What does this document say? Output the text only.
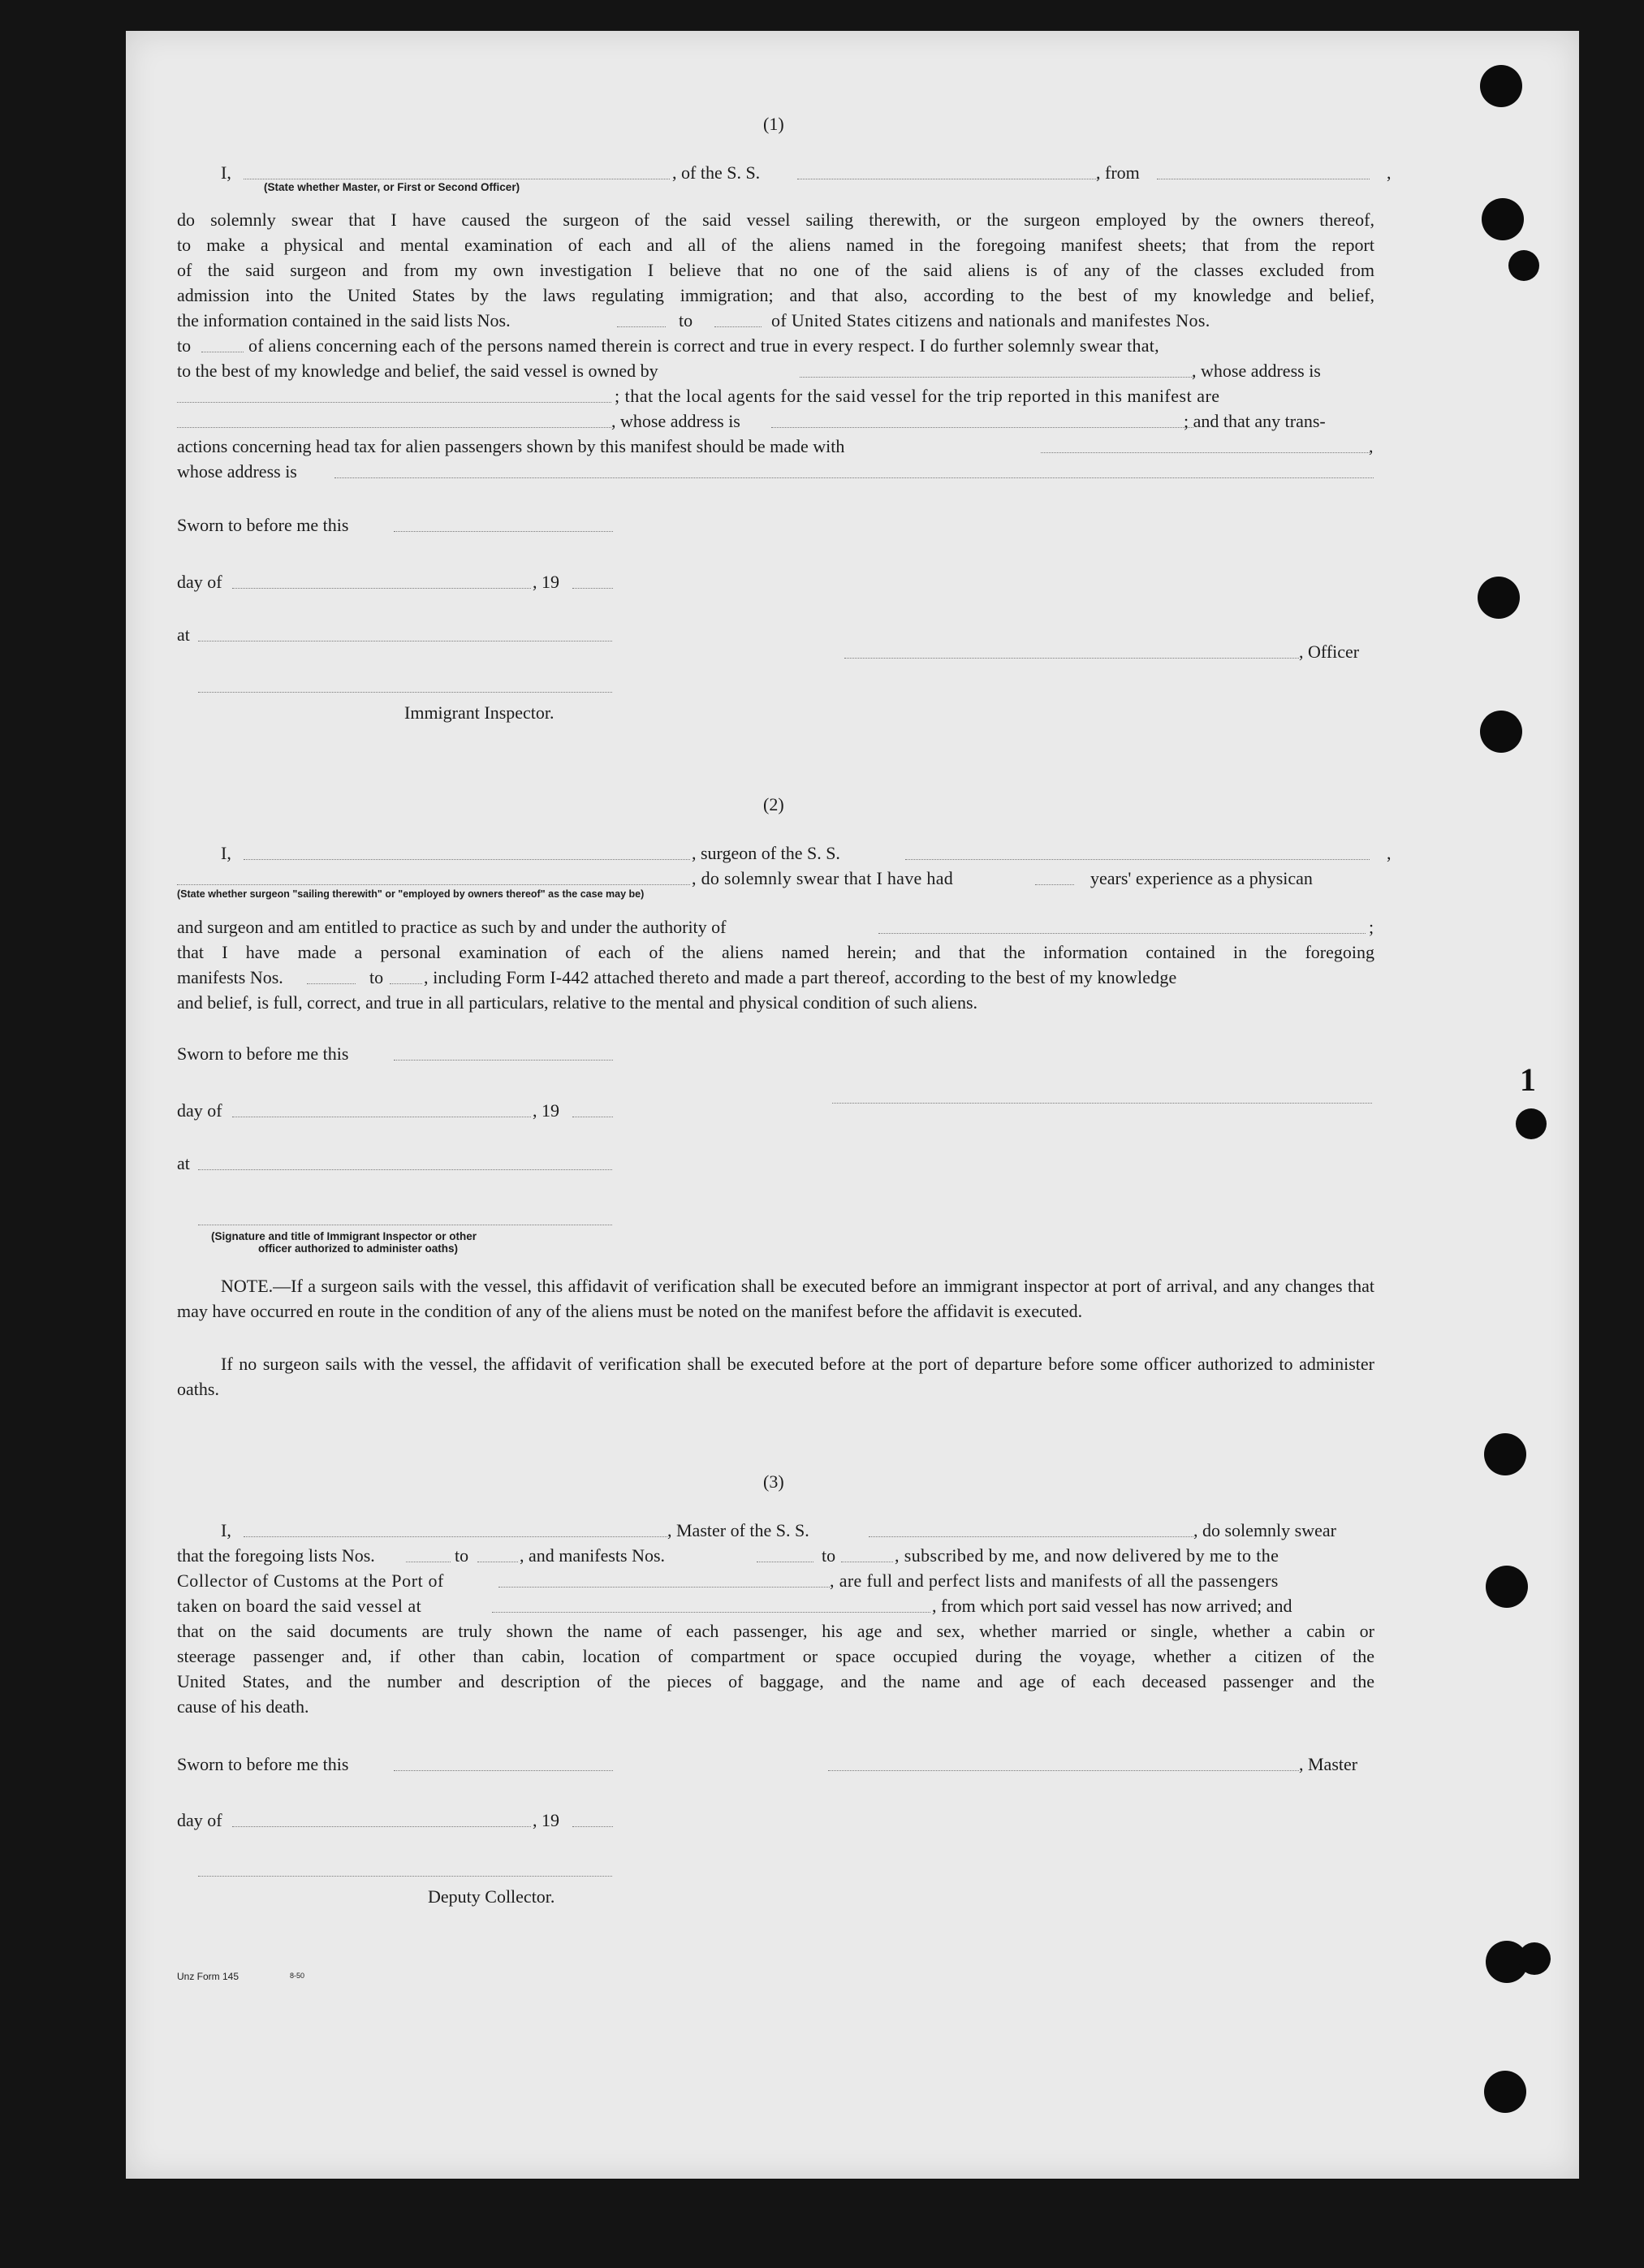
1
(1)
I,	, of the S. S.	, from	,
(State whether Master, or First or Second Officer)
do solemnly swear that I have caused the surgeon of the said vessel sailing therewith, or the surgeon employed by the owners thereof,
to make a physical and mental examination of each and all of the aliens named in the foregoing manifest sheets; that from the report
of the said surgeon and from my own investigation I believe that no one of the said aliens is of any of the classes excluded from
admission into the United States by the laws regulating immigration; and that also, according to the best of my knowledge and belief,
the information contained in the said lists Nos.	to	of United States citizens and nationals and manifestes Nos.
to	of aliens concerning each of the persons named therein is correct and true in every respect. I do further solemnly swear that,
to the best of my knowledge and belief, the said vessel is owned by	, whose address is
; that the local agents for the said vessel for the trip reported in this manifest are
, whose address is	; and that any trans-
actions concerning head tax for alien passengers shown by this manifest should be made with	,
whose address is
Sworn to before me this
day of	, 19
at
, Officer
Immigrant Inspector.
(2)
I,	, surgeon of the S. S.	,
, do solemnly swear that I have had	years' experience as a physican
(State whether surgeon "sailing therewith" or "employed by owners thereof" as the case may be)
and surgeon and am entitled to practice as such by and under the authority of	;
that I have made a personal examination of each of the aliens named herein; and that the information contained in the foregoing
manifests Nos.	to , including Form I-442 attached thereto and made a part thereof, according to the best of my knowledge
and belief, is full, correct, and true in all particulars, relative to the mental and physical condition of such aliens.
Sworn to before me this
day of	, 19
at
(Signature and title of Immigrant Inspector or other
officer authorized to administer oaths)
NOTE.—If a surgeon sails with the vessel, this affidavit of verification shall be executed before an immigrant inspector at port of arrival, and any changes that may have occurred en route in the condition of any of the aliens must be noted on the manifest before the affidavit is executed.
If no surgeon sails with the vessel, the affidavit of verification shall be executed before at the port of departure before some officer authorized to administer oaths.
(3)
I,	, Master of the S. S.	, do solemnly swear
that the foregoing lists Nos.	to	, and manifests Nos.	to	, subscribed by me, and now delivered by me to the
Collector of Customs at the Port of	, are full and perfect lists and manifests of all the passengers
taken on board the said vessel at	, from which port said vessel has now arrived; and
that on the said documents are truly shown the name of each passenger, his age and sex, whether married or single, whether a cabin or
steerage passenger and, if other than cabin, location of compartment or space occupied during the voyage, whether a citizen of the
United States, and the number and description of the pieces of baggage, and the name and age of each deceased passenger and the
cause of his death.
Sworn to before me this	, Master
day of	, 19
Deputy Collector.
Unz Form 145	8-50
